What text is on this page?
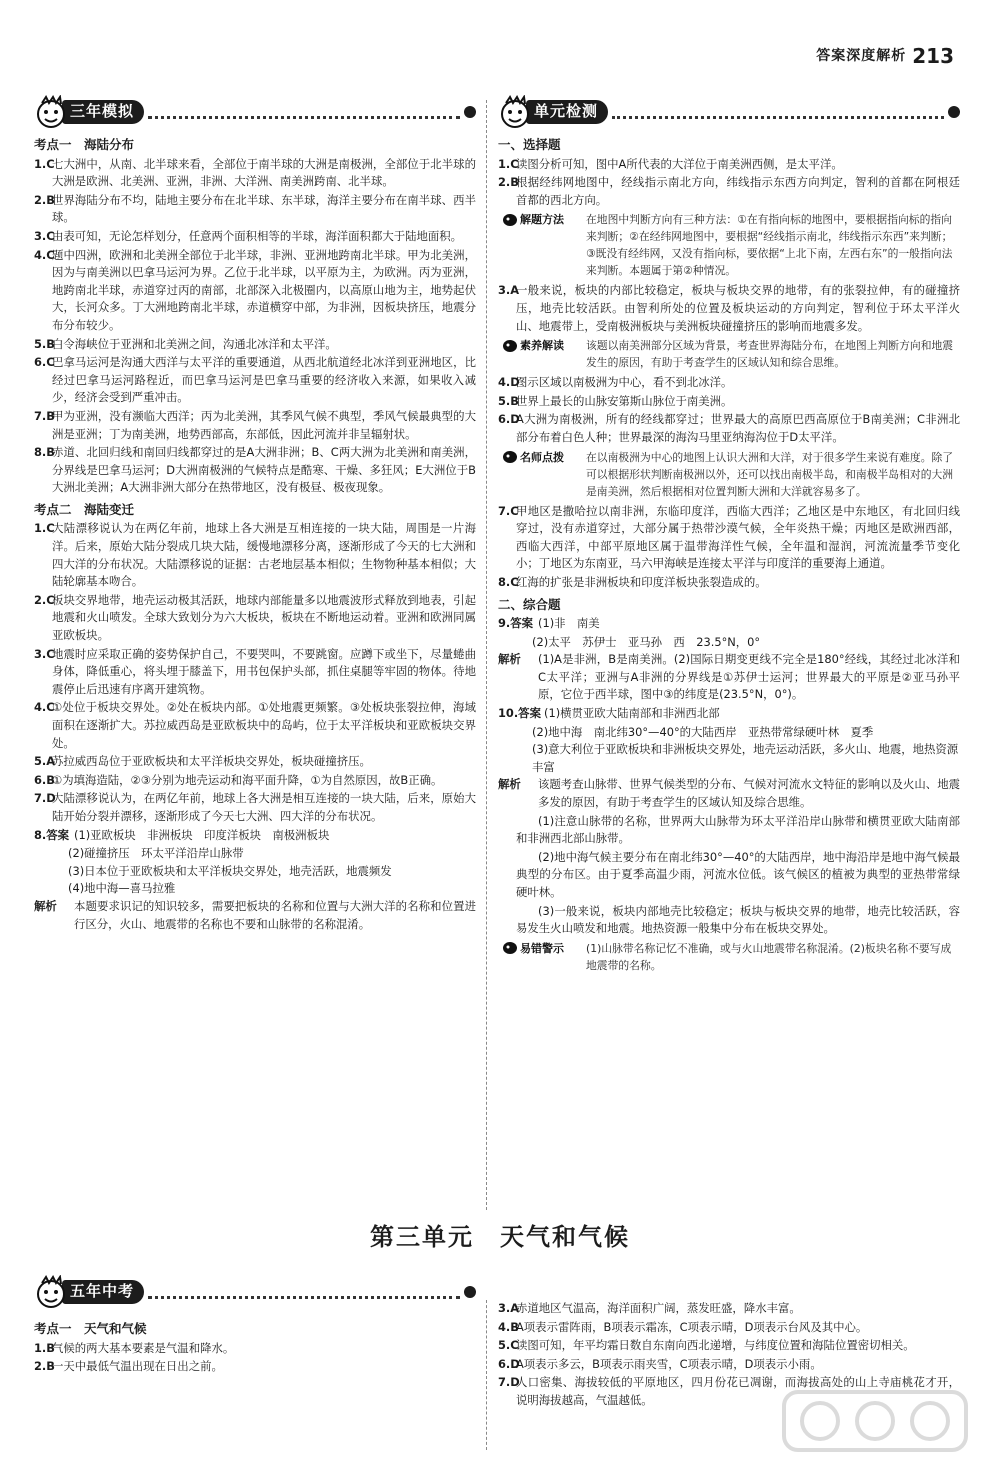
答案深度解析 213
三年模拟
考点一　海陆分布
1.C
七大洲中，从南、北半球来看，全部位于南半球的大洲是南极洲，全部位于北半球的大洲是欧洲、北美洲、亚洲，非洲、大洋洲、南美洲跨南、北半球。
2.B
世界海陆分布不均，陆地主要分布在北半球、东半球，海洋主要分布在南半球、西半球。
3.C
由表可知，无论怎样划分，任意两个面积相等的半球，海洋面积都大于陆地面积。
4.C
题中四洲，欧洲和北美洲全部位于北半球，非洲、亚洲地跨南北半球。甲为北美洲，因为与南美洲以巴拿马运河为界。乙位于北半球，以平原为主，为欧洲。丙为亚洲，地跨南北半球，赤道穿过丙的南部，北部深入北极圈内，以高原山地为主，地势起伏大，长河众多。丁大洲地跨南北半球，赤道横穿中部，为非洲，因板块挤压，地震分布分布较少。
5.B
白令海峡位于亚洲和北美洲之间，沟通北冰洋和太平洋。
6.C
巴拿马运河是沟通大西洋与太平洋的重要通道，从西北航道经北冰洋到亚洲地区，比经过巴拿马运河路程近，而巴拿马运河是巴拿马重要的经济收入来源，如果收入减少，经济会受到严重冲击。
7.B
甲为亚洲，没有濒临大西洋；丙为北美洲，其季风气候不典型，季风气候最典型的大洲是亚洲；丁为南美洲，地势西部高，东部低，因此河流并非呈辐射状。
8.B
赤道、北回归线和南回归线都穿过的是A大洲非洲；B、C两大洲为北美洲和南美洲，分界线是巴拿马运河；D大洲南极洲的气候特点是酷寒、干燥、多狂风；E大洲位于B大洲北美洲；A大洲非洲大部分在热带地区，没有极昼、极夜现象。
考点二　海陆变迁
1.C
大陆漂移说认为在两亿年前，地球上各大洲是互相连接的一块大陆，周围是一片海洋。后来，原始大陆分裂成几块大陆，缓慢地漂移分离，逐渐形成了今天的七大洲和四大洋的分布状况。大陆漂移说的证据：古老地层基本相似；生物物种基本相似；大陆轮廓基本吻合。
2.C
板块交界地带，地壳运动极其活跃，地球内部能量多以地震波形式释放到地表，引起地震和火山喷发。全球大致划分为六大板块，板块在不断地运动着。亚洲和欧洲同属亚欧板块。
3.C
地震时应采取正确的姿势保护自己，不要哭叫，不要跳窗。应蹲下或坐下，尽量蜷曲身体，降低重心，将头埋于膝盖下，用书包保护头部，抓住桌腿等牢固的物体。待地震停止后迅速有序离开建筑物。
4.C
①处位于板块交界处。②处在板块内部。①处地震更频繁。③处板块张裂拉伸，海域面积在逐渐扩大。苏拉威西岛是亚欧板块中的岛屿，位于太平洋板块和亚欧板块交界处。
5.A
苏拉威西岛位于亚欧板块和太平洋板块交界处，板块碰撞挤压。
6.B
①为填海造陆，②③分别为地壳运动和海平面升降，①为自然原因，故B正确。
7.D
大陆漂移说认为，在两亿年前，地球上各大洲是相互连接的一块大陆，后来，原始大陆开始分裂并漂移，逐渐形成了今天七大洲、四大洋的分布状况。
8.答案 (1)亚欧板块　非洲板块　印度洋板块　南极洲板块
(2)碰撞挤压　环太平洋沿岸山脉带
(3)日本位于亚欧板块和太平洋板块交界处，地壳活跃，地震频发
(4)地中海—喜马拉雅
解析 本题要求识记的知识较多，需要把板块的名称和位置与大洲大洋的名称和位置进行区分，火山、地震带的名称也不要和山脉带的名称混淆。
单元检测
一、选择题
1.C
读图分析可知，图中A所代表的大洋位于南美洲西侧，是太平洋。
2.B
根据经纬网地图中，经线指示南北方向，纬线指示东西方向判定，智利的首都在阿根廷首都的西北方向。
解题方法 在地图中判断方向有三种方法：①在有指向标的地图中，要根据指向标的指向来判断；②在经纬网地图中，要根据“经线指示南北，纬线指示东西”来判断；③既没有经纬网，又没有指向标，要依据“上北下南，左西右东”的一般指向法来判断。本题属于第②种情况。
3.A
一般来说，板块的内部比较稳定，板块与板块交界的地带，有的张裂拉伸，有的碰撞挤压，地壳比较活跃。由智利所处的位置及板块运动的方向判定，智利位于环太平洋火山、地震带上，受南极洲板块与美洲板块碰撞挤压的影响而地震多发。
素养解读 该题以南美洲部分区域为背景，考查世界海陆分布，在地图上判断方向和地震发生的原因，有助于考查学生的区域认知和综合思维。
4.D
图示区域以南极洲为中心，看不到北冰洋。
5.B
世界上最长的山脉安第斯山脉位于南美洲。
6.D
A大洲为南极洲，所有的经线都穿过；世界最大的高原巴西高原位于B南美洲；C非洲北部分布着白色人种；世界最深的海沟马里亚纳海沟位于D太平洋。
名师点拨 在以南极洲为中心的地图上认识大洲和大洋，对于很多学生来说有难度。除了可以根据形状判断南极洲以外，还可以找出南极半岛，和南极半岛相对的大洲是南美洲，然后根据相对位置判断大洲和大洋就容易多了。
7.C
甲地区是撒哈拉以南非洲，东临印度洋，西临大西洋；乙地区是中东地区，有北回归线穿过，没有赤道穿过，大部分属于热带沙漠气候，全年炎热干燥；丙地区是欧洲西部，西临大西洋，中部平原地区属于温带海洋性气候，全年温和湿润，河流流量季节变化小；丁地区为东南亚，马六甲海峡是连接太平洋与印度洋的重要海上通道。
8.C
红海的扩张是非洲板块和印度洋板块张裂造成的。
二、综合题
9.答案 (1)非　南美
(2)太平　苏伊士　亚马孙　西　23.5°N，0°
解析 (1)A是非洲，B是南美洲。(2)国际日期变更线不完全是180°经线，其经过北冰洋和C太平洋；亚洲与A非洲的分界线是①苏伊士运河；世界最大的平原是②亚马孙平原，它位于西半球，图中③的纬度是(23.5°N，0°)。
10.答案 (1)横贯亚欧大陆南部和非洲西北部
(2)地中海　南北纬30°—40°的大陆西岸　亚热带常绿硬叶林　夏季
(3)意大利位于亚欧板块和非洲板块交界处，地壳运动活跃，多火山、地震，地热资源丰富
解析 该题考查山脉带、世界气候类型的分布、气候对河流水文特征的影响以及火山、地震多发的原因，有助于考查学生的区域认知及综合思维。
(1)注意山脉带的名称，世界两大山脉带为环太平洋沿岸山脉带和横贯亚欧大陆南部和非洲西北部山脉带。
(2)地中海气候主要分布在南北纬30°—40°的大陆西岸，地中海沿岸是地中海气候最典型的分布区。由于夏季高温少雨，河流水位低。该气候区的植被为典型的亚热带常绿硬叶林。
(3)一般来说，板块内部地壳比较稳定；板块与板块交界的地带，地壳比较活跃，容易发生火山喷发和地震。地热资源一般集中分布在板块交界处。
易错警示 (1)山脉带名称记忆不准确，或与火山地震带名称混淆。(2)板块名称不要写成地震带的名称。
第三单元　天气和气候
五年中考
考点一　天气和气候
1.B
气候的两大基本要素是气温和降水。
2.B
一天中最低气温出现在日出之前。
3.A
赤道地区气温高，海洋面积广阔，蒸发旺盛，降水丰富。
4.B
A项表示雷阵雨，B项表示霜冻，C项表示晴，D项表示台风及其中心。
5.C
读图可知，年平均霜日数自东南向西北递增，与纬度位置和海陆位置密切相关。
6.D
A项表示多云，B项表示雨夹雪，C项表示晴，D项表示小雨。
7.D
人口密集、海拔较低的平原地区，四月份花已凋谢，而海拔高处的山上寺庙桃花才开，说明海拔越高，气温越低。
